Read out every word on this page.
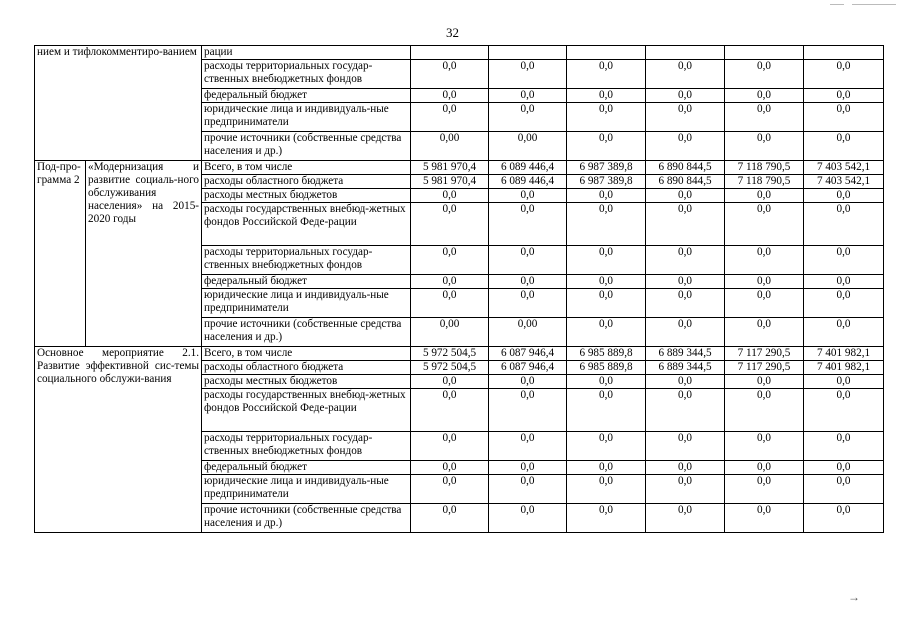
32
нием и тифлокомментиро-ванием		рации						
		расходы территориальных государ-ственных внебюджетных фондов	0,0	0,0	0,0	0,0	0,0	0,0
		федеральный бюджет	0,0	0,0	0,0	0,0	0,0	0,0
		юридические лица и индивидуаль-ные предприниматели	0,0	0,0	0,0	0,0	0,0	0,0
		прочие источники (собственные средства населения и др.)	0,00	0,00	0,0	0,0	0,0	0,0
Под-про-грамма 2	«Модернизация и развитие социаль-ного обслуживания населения» на 2015-2020 годы	Всего, в том числе	5 981 970,4	6 089 446,4	6 987 389,8	6 890 844,5	7 118 790,5	7 403 542,1
		расходы областного бюджета	5 981 970,4	6 089 446,4	6 987 389,8	6 890 844,5	7 118 790,5	7 403 542,1
		расходы местных бюджетов	0,0	0,0	0,0	0,0	0,0	0,0
		расходы государственных внебюд-жетных фондов Российской Феде-рации	0,0	0,0	0,0	0,0	0,0	0,0
		расходы территориальных государ-ственных внебюджетных фондов	0,0	0,0	0,0	0,0	0,0	0,0
		федеральный бюджет	0,0	0,0	0,0	0,0	0,0	0,0
		юридические лица и индивидуаль-ные предприниматели	0,0	0,0	0,0	0,0	0,0	0,0
		прочие источники (собственные средства населения и др.)	0,00	0,00	0,0	0,0	0,0	0,0
Основное мероприятие 2.1. Развитие эффективной сис-темы социального обслужи-вания		Всего, в том числе	5 972 504,5	6 087 946,4	6 985 889,8	6 889 344,5	7 117 290,5	7 401 982,1
		расходы областного бюджета	5 972 504,5	6 087 946,4	6 985 889,8	6 889 344,5	7 117 290,5	7 401 982,1
		расходы местных бюджетов	0,0	0,0	0,0	0,0	0,0	0,0
		расходы государственных внебюд-жетных фондов Российской Феде-рации	0,0	0,0	0,0	0,0	0,0	0,0
		расходы территориальных государ-ственных внебюджетных фондов	0,0	0,0	0,0	0,0	0,0	0,0
		федеральный бюджет	0,0	0,0	0,0	0,0	0,0	0,0
		юридические лица и индивидуаль-ные предприниматели	0,0	0,0	0,0	0,0	0,0	0,0
		прочие источники (собственные средства населения и др.)	0,0	0,0	0,0	0,0	0,0	0,0
→
